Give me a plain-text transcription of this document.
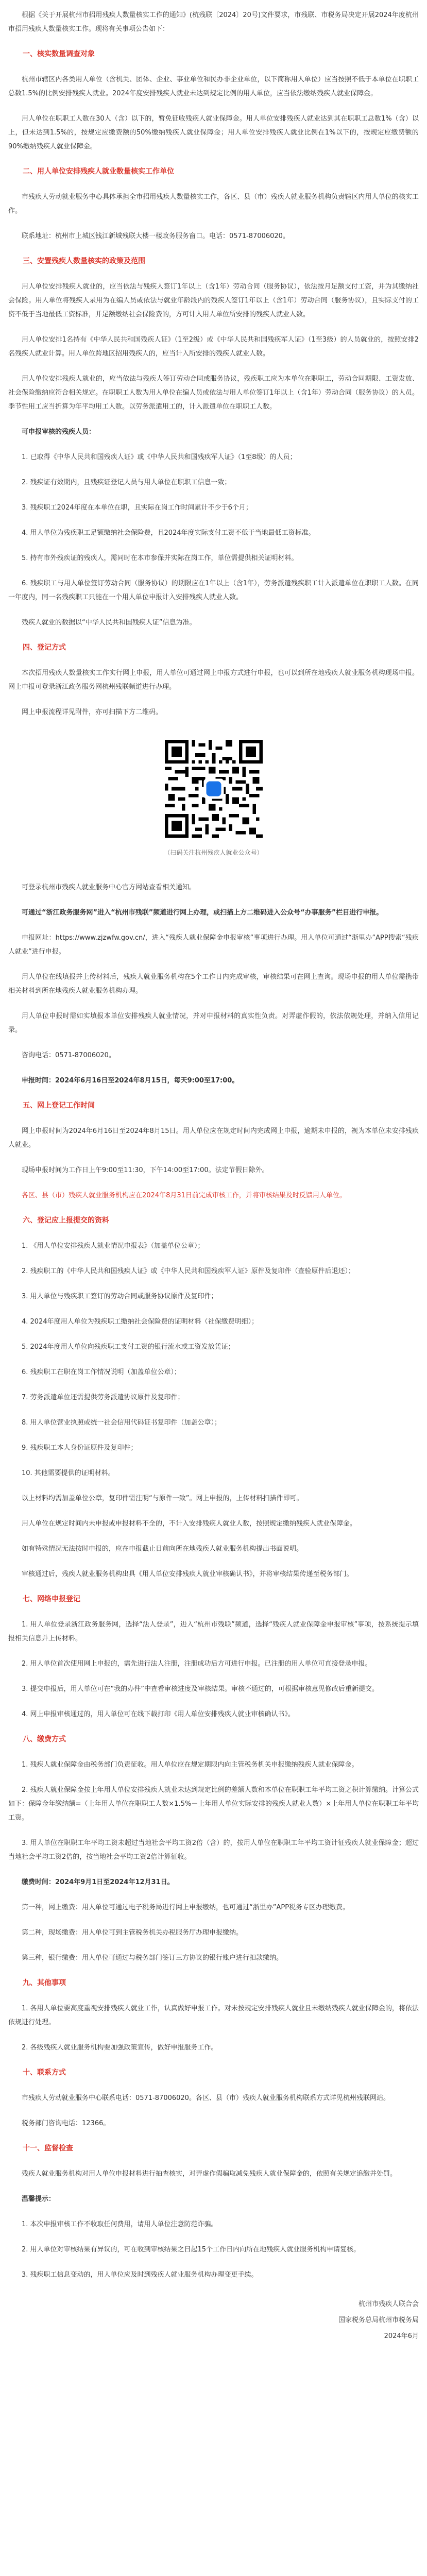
根据《关于开展杭州市招用残疾人数量核实工作的通知》(杭残联〔2024〕20号)文件要求，市残联、市税务局决定开展2024年度杭州市招用残疾人数量核实工作。现将有关事项公告如下：

一、核实数量调查对象

杭州市辖区内各类用人单位（含机关、团体、企业、事业单位和民办非企业单位，以下简称用人单位）应当按照不低于本单位在职职工总数1.5%的比例安排残疾人就业。2024年度安排残疾人就业未达到规定比例的用人单位，应当依法缴纳残疾人就业保障金。

用人单位在职职工人数在30人（含）以下的，暂免征收残疾人就业保障金。用人单位安排残疾人就业达到其在职职工总数1%（含）以上，但未达到1.5%的，按规定应缴费额的50%缴纳残疾人就业保障金；用人单位安排残疾人就业比例在1%以下的，按规定应缴费额的90%缴纳残疾人就业保障金。

二、用人单位安排残疾人就业数量核实工作单位

市残疾人劳动就业服务中心具体承担全市招用残疾人数量核实工作，各区、县（市）残疾人就业服务机构负责辖区内用人单位的核实工作。

联系地址：杭州市上城区钱江新城残联大楼一楼政务服务窗口。电话：0571-87006020。

三、安置残疾人数量核实的政策及范围

用人单位安排残疾人就业的，应当依法与残疾人签订1年以上（含1年）劳动合同（服务协议），依法按月足额支付工资，并为其缴纳社会保险。用人单位将残疾人录用为在编人员或依法与就业年龄段内的残疾人签订1年以上（含1年）劳动合同（服务协议），且实际支付的工资不低于当地最低工资标准，并足额缴纳社会保险费的，方可计入用人单位所安排的残疾人就业人数。

用人单位安排1名持有《中华人民共和国残疾人证》（1至2级）或《中华人民共和国残疾军人证》（1至3级）的人员就业的，按照安排2名残疾人就业计算。用人单位跨地区招用残疾人的，应当计入所安排的残疾人就业人数。

用人单位安排残疾人就业的，应当依法与残疾人签订劳动合同或服务协议，残疾职工应为本单位在职职工，劳动合同期限、工资发放、社会保险缴纳应符合相关规定。在职职工人数为用人单位在编人员或依法与用人单位签订1年以上（含1年）劳动合同（服务协议）的人员。季节性用工应当折算为年平均用工人数。以劳务派遣用工的，计入派遣单位在职职工人数。

可申报审核的残疾人员：

1. 已取得《中华人民共和国残疾人证》或《中华人民共和国残疾军人证》（1至8级）的人员；

2. 残疾证有效期内，且残疾证登记人员与用人单位在职职工信息一致；

3. 残疾职工2024年度在本单位在职，且实际在岗工作时间累计不少于6个月；

4. 用人单位为残疾职工足额缴纳社会保险费，且2024年度实际支付工资不低于当地最低工资标准。

5. 持有市外残疾证的残疾人，需同时在本市参保并实际在岗工作，单位需提供相关证明材料。

6. 残疾职工与用人单位签订劳动合同（服务协议）的期限应在1年以上（含1年），劳务派遣残疾职工计入派遣单位在职职工人数。在同一年度内，同一名残疾职工只能在一个用人单位申报计入安排残疾人就业人数。

残疾人就业的数据以“中华人民共和国残疾人证”信息为准。

四、登记方式

本次招用残疾人数量核实工作实行网上申报，用人单位可通过网上申报方式进行申报，也可以到所在地残疾人就业服务机构现场申报。网上申报可登录浙江政务服务网杭州残联频道进行办理。

网上申报流程详见附件，亦可扫描下方二维码。

（扫码关注杭州残疾人就业公众号）

可登录杭州市残疾人就业服务中心官方网站查看相关通知。

可通过“浙江政务服务网”进入“杭州市残联”频道进行网上办理，或扫描上方二维码进入公众号“办事服务”栏目进行申报。

申报网址：https://www.zjzwfw.gov.cn/，进入“残疾人就业保障金申报审核”事项进行办理。用人单位可通过“浙里办”APP搜索“残疾人就业”进行申报。

用人单位在线填报并上传材料后，残疾人就业服务机构在5个工作日内完成审核，审核结果可在网上查询。现场申报的用人单位需携带相关材料到所在地残疾人就业服务机构办理。

用人单位申报时需如实填报本单位安排残疾人就业情况，并对申报材料的真实性负责。对弄虚作假的，依法依规处理，并纳入信用记录。

咨询电话：0571-87006020。

申报时间：2024年6月16日至2024年8月15日，每天9:00至17:00。

五、网上登记工作时间

网上申报时间为2024年6月16日至2024年8月15日。用人单位应在规定时间内完成网上申报，逾期未申报的，视为本单位未安排残疾人就业。

现场申报时间为工作日上午9:00至11:30，下午14:00至17:00。法定节假日除外。

各区、县（市）残疾人就业服务机构应在2024年8月31日前完成审核工作，并将审核结果及时反馈用人单位。

六、登记应上报提交的资料

1. 《用人单位安排残疾人就业情况申报表》（加盖单位公章）；

2. 残疾职工的《中华人民共和国残疾人证》或《中华人民共和国残疾军人证》原件及复印件（查验原件后退还）；

3. 用人单位与残疾职工签订的劳动合同或服务协议原件及复印件；

4. 2024年度用人单位为残疾职工缴纳社会保险费的证明材料（社保缴费明细）；

5. 2024年度用人单位向残疾职工支付工资的银行流水或工资发放凭证；

6. 残疾职工在职在岗工作情况说明（加盖单位公章）；

7. 劳务派遣单位还需提供劳务派遣协议原件及复印件；

8. 用人单位营业执照或统一社会信用代码证书复印件（加盖公章）；

9. 残疾职工本人身份证原件及复印件；

10. 其他需要提供的证明材料。

以上材料均需加盖单位公章，复印件需注明“与原件一致”。网上申报的，上传材料扫描件即可。

用人单位在规定时间内未申报或申报材料不全的，不计入安排残疾人就业人数，按照规定缴纳残疾人就业保障金。

如有特殊情况无法按时申报的，应在申报截止日前向所在地残疾人就业服务机构提出书面说明。

审核通过后，残疾人就业服务机构出具《用人单位安排残疾人就业审核确认书》，并将审核结果传递至税务部门。

七、网络申报登记

1. 用人单位登录浙江政务服务网，选择“法人登录”，进入“杭州市残联”频道，选择“残疾人就业保障金申报审核”事项，按系统提示填报相关信息并上传材料。

2. 用人单位首次使用网上申报的，需先进行法人注册，注册成功后方可进行申报。已注册的用人单位可直接登录申报。

3. 提交申报后，用人单位可在“我的办件”中查看审核进度及审核结果。审核不通过的，可根据审核意见修改后重新提交。

4. 网上申报审核通过的，用人单位可在线下载打印《用人单位安排残疾人就业审核确认书》。

八、缴费方式

1. 残疾人就业保障金由税务部门负责征收。用人单位应在规定期限内向主管税务机关申报缴纳残疾人就业保障金。

2. 残疾人就业保障金按上年用人单位安排残疾人就业未达到规定比例的差额人数和本单位在职职工年平均工资之积计算缴纳。计算公式如下：保障金年缴纳额=（上年用人单位在职职工人数×1.5%－上年用人单位实际安排的残疾人就业人数）×上年用人单位在职职工年平均工资。

3. 用人单位在职职工年平均工资未超过当地社会平均工资2倍（含）的，按用人单位在职职工年平均工资计征残疾人就业保障金；超过当地社会平均工资2倍的，按当地社会平均工资2倍计算征收。

缴费时间：2024年9月1日至2024年12月31日。

第一种，网上缴费：用人单位可通过电子税务局进行网上申报缴纳，也可通过“浙里办”APP税务专区办理缴费。

第二种，现场缴费：用人单位可到主管税务机关办税服务厅办理申报缴纳。

第三种，银行缴费：用人单位可通过与税务部门签订三方协议的银行账户进行扣款缴纳。

九、其他事项

1. 各用人单位要高度重视安排残疾人就业工作，认真做好申报工作。对未按规定安排残疾人就业且未缴纳残疾人就业保障金的，将依法依规进行处理。

2. 各级残疾人就业服务机构要加强政策宣传，做好申报服务工作。

十、联系方式

市残疾人劳动就业服务中心联系电话：0571-87006020。各区、县（市）残疾人就业服务机构联系方式详见杭州残联网站。

税务部门咨询电话：12366。

十一、监督检查

残疾人就业服务机构对用人单位申报材料进行抽查核实，对弄虚作假骗取减免残疾人就业保障金的，依照有关规定追缴并处罚。

温馨提示：

1. 本次申报审核工作不收取任何费用，请用人单位注意防范诈骗。

2. 用人单位对审核结果有异议的，可在收到审核结果之日起15个工作日内向所在地残疾人就业服务机构申请复核。

3. 残疾职工信息变动的，用人单位应及时到残疾人就业服务机构办理变更手续。

杭州市残疾人联合会

国家税务总局杭州市税务局

2024年6月
